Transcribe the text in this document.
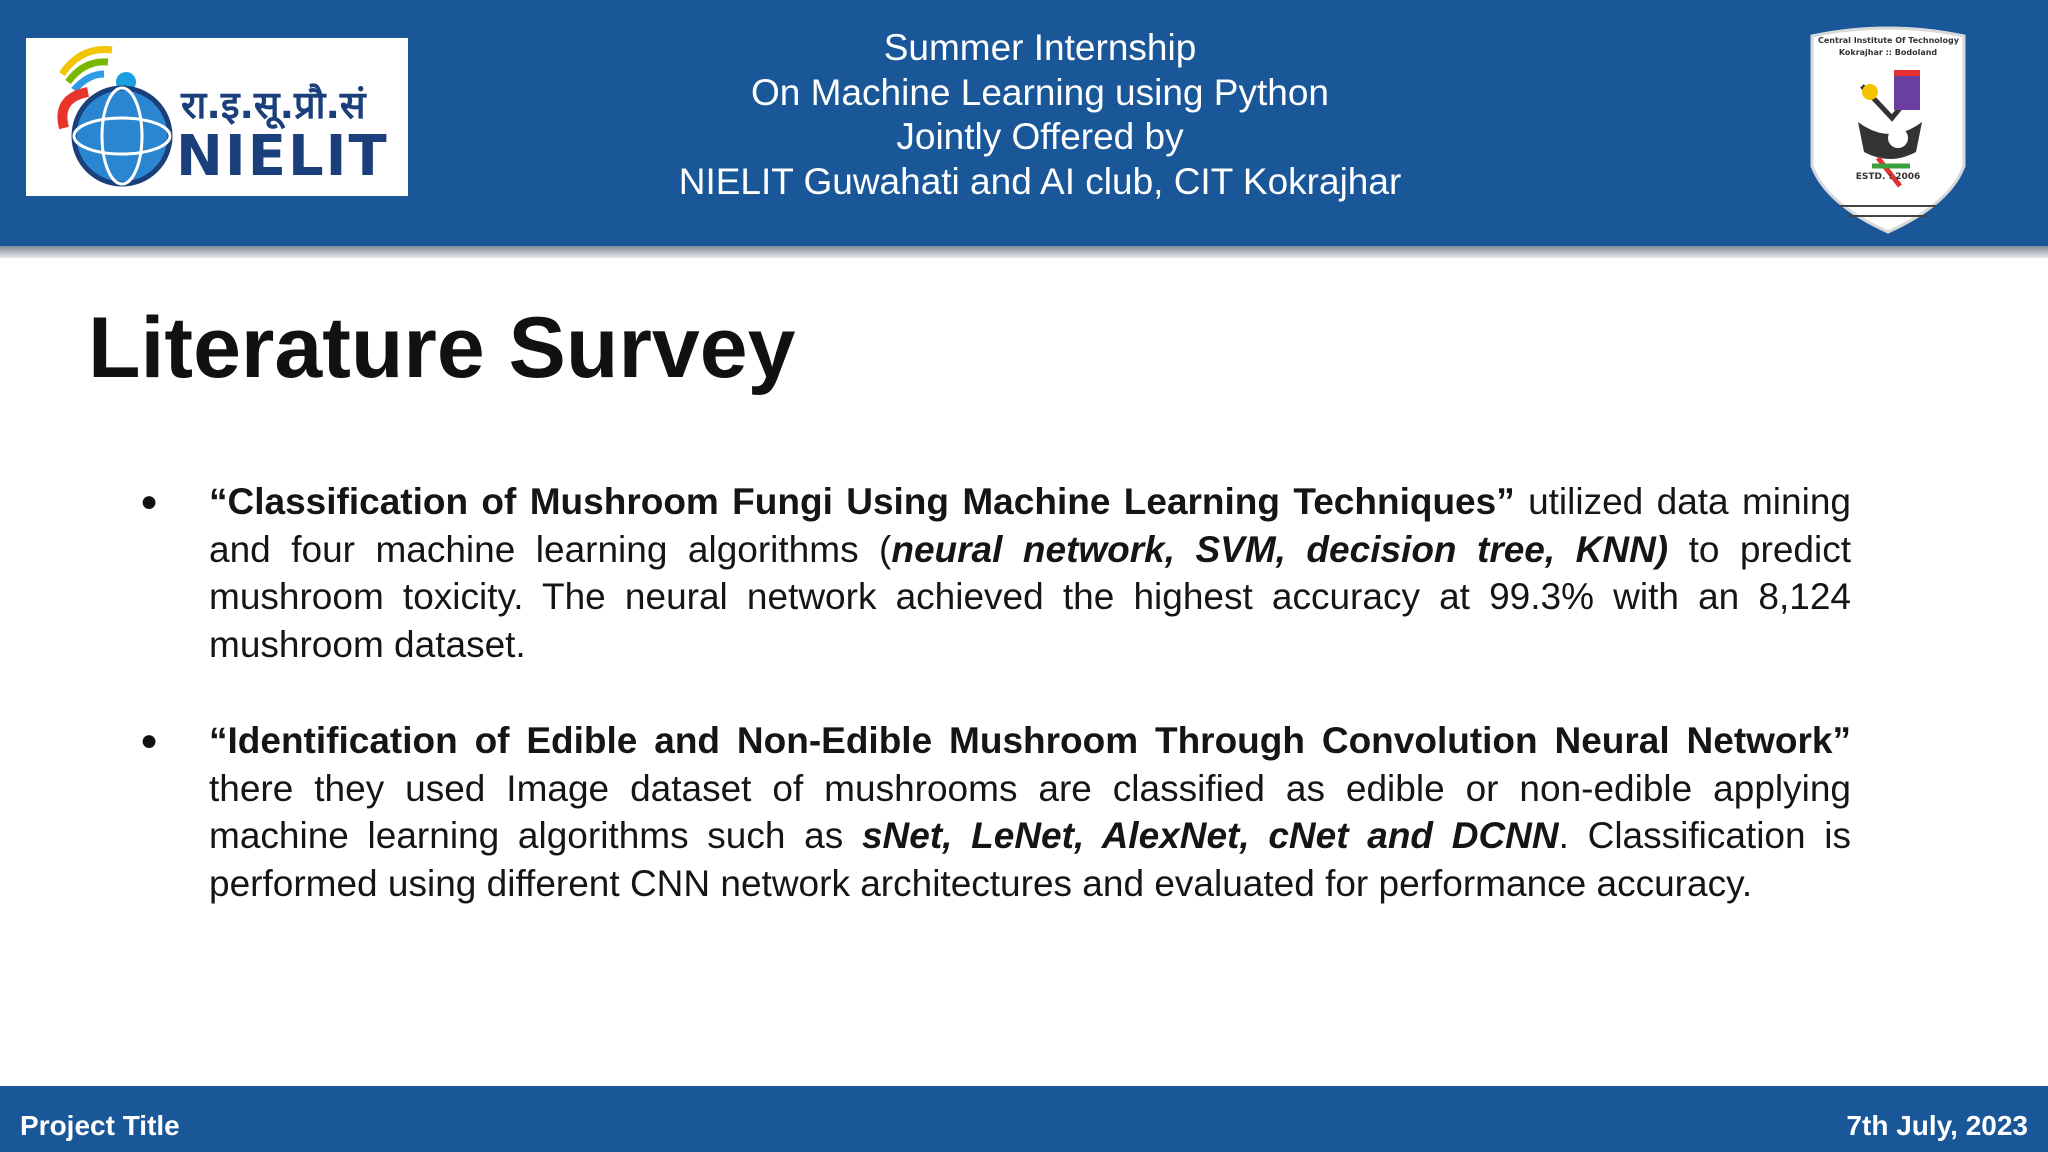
रा.इ.सू.प्रौ.सं
NIELIT
Summer Internship
On Machine Learning using Python
Jointly Offered by
NIELIT Guwahati and AI club, CIT Kokrajhar
Central Institute Of Technology
Kokrajhar :: Bodoland
ESTD. : 2006
Literature Survey
● “Classification of Mushroom Fungi Using Machine Learning Techniques” utilized data mining and four machine learning algorithms (neural network, SVM, decision tree, KNN) to predict mushroom toxicity. The neural network achieved the highest accuracy at 99.3% with an 8,124 mushroom dataset.

● “Identification of Edible and Non-Edible Mushroom Through Convolution Neural Network” there they used Image dataset of mushrooms are classified as edible or non-edible applying machine learning algorithms such as sNet, LeNet, AlexNet, cNet and DCNN. Classification is performed using different CNN network architectures and evaluated for performance accuracy.

Project Title	7th July, 2023
